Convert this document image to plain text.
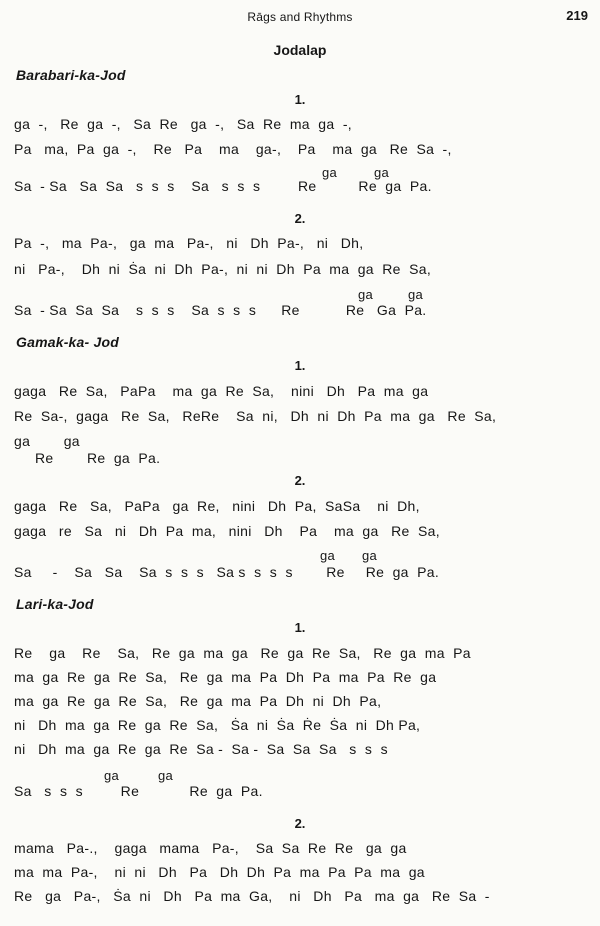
Rāgs and Rhythms	219
Jodalap
Barabari-ka-Jod
1.
ga  -,   Re  ga  -,   Sa  Re   ga  -,   Sa  Re  ma  ga  -,
Pa   ma,  Pa  ga  -,    Re   Pa    ma    ga-,    Pa    ma  ga   Re  Sa  -,
ga	ga
Sa  - Sa   Sa  Sa   s  s  s    Sa   s  s  s         Re          Re  ga  Pa.
2.
Pa  -,   ma  Pa-,   ga  ma   Pa-,   ni   Dh  Pa-,   ni   Dh,
ni   Pa-,    Dh  ni  Ṡa  ni  Dh  Pa-,  ni  ni  Dh  Pa  ma  ga  Re  Sa,
ga	ga
Sa  - Sa  Sa  Sa    s  s  s    Sa  s  s  s      Re           Re   Ga  Pa.
Gamak-ka- Jod
1.
gaga   Re  Sa,   PaPa    ma  ga  Re  Sa,    nini   Dh   Pa  ma  ga
Re  Sa-,  gaga   Re  Sa,   ReRe    Sa  ni,   Dh  ni  Dh  Pa  ma  ga   Re  Sa,
ga        ga
Re        Re  ga  Pa.
2.
gaga   Re   Sa,   PaPa   ga  Re,   nini   Dh  Pa,  SaSa    ni  Dh,
gaga   re   Sa   ni   Dh  Pa  ma,   nini   Dh    Pa    ma  ga   Re  Sa,
ga ga
Sa     -    Sa   Sa    Sa  s  s  s   Sa s  s  s  s        Re     Re  ga  Pa.
Lari-ka-Jod
1.
Re    ga    Re    Sa,   Re  ga  ma  ga   Re  ga  Re  Sa,   Re  ga  ma  Pa
ma  ga  Re  ga  Re  Sa,   Re  ga  ma  Pa  Dh  Pa  ma  Pa  Re  ga
ma  ga  Re  ga  Re  Sa,   Re  ga  ma  Pa  Dh  ni  Dh  Pa,
ni   Dh  ma  ga  Re  ga  Re  Sa,   Ṡa  ni  Ṡa  Ṙe  Ṡa  ni  Dh Pa,
ni   Dh  ma  ga  Re  ga  Re  Sa -  Sa -  Sa  Sa  Sa   s  s  s
ga	ga
Sa   s  s  s         Re            Re  ga  Pa.
2.
mama   Pa-.,    gaga   mama   Pa-,    Sa  Sa  Re  Re   ga  ga
ma  ma  Pa-,    ni  ni   Dh   Pa   Dh  Dh  Pa  ma  Pa  Pa  ma  ga
Re   ga   Pa-,   Ṡa  ni   Dh   Pa  ma  Ga,    ni   Dh   Pa   ma  ga   Re  Sa  -
